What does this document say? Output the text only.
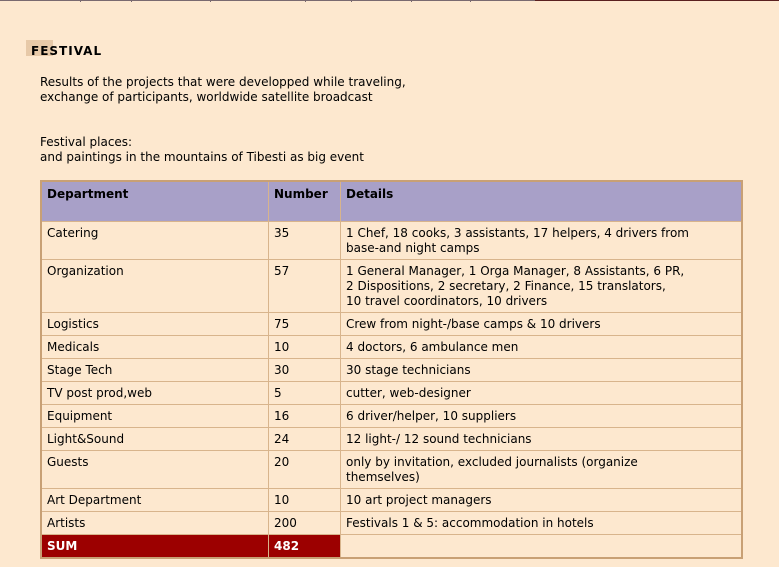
FESTIVAL
Results of the projects that were developped while traveling,
exchange of participants, worldwide satellite broadcast
Festival places:
and paintings in the mountains of Tibesti as big event
Department	Number	Details
Catering	35	1 Chef, 18 cooks, 3 assistants, 17 helpers, 4 drivers from
base-and night camps

Organization	57	1 General Manager, 1 Orga Manager, 8 Assistants, 6 PR,
2 Dispositions, 2 secretary, 2 Finance, 15 translators,
10 travel coordinators, 10 drivers

Logistics	75	Crew from night-/base camps & 10 drivers

Medicals	10	4 doctors, 6 ambulance men

Stage Tech	30	30 stage technicians

TV post prod,web	5	cutter, web-designer

Equipment	16	6 driver/helper, 10 suppliers

Light&Sound	24	12 light-/ 12 sound technicians

Guests	20	only by invitation, excluded journalists (organize
themselves)

Art Department	10	10 art project managers

Artists	200	Festivals 1 & 5: accommodation in hotels

SUM	482	
